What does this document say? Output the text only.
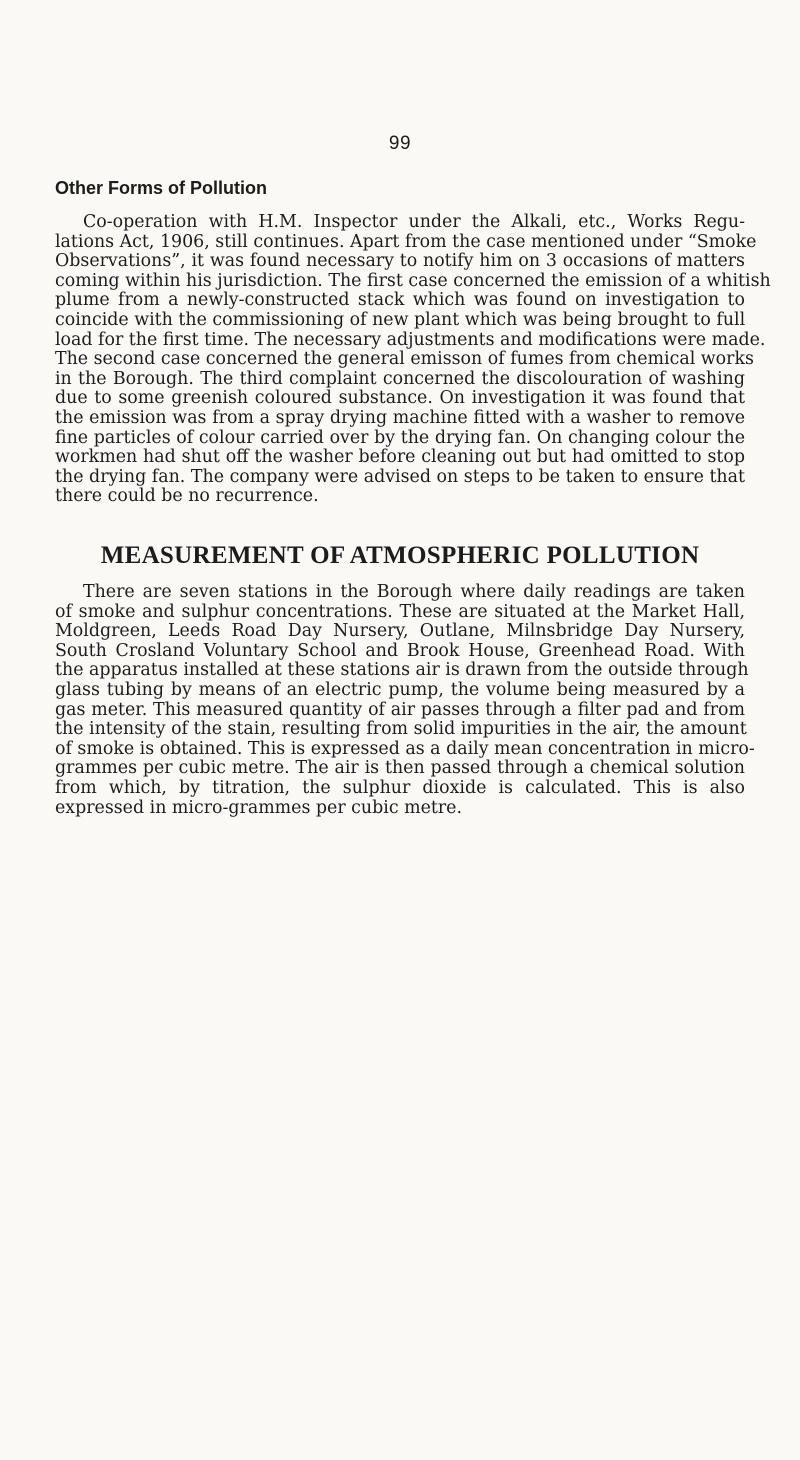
99
Other Forms of Pollution

Co-operation with H.M. Inspector under the Alkali, etc., Works Regu-
lations Act, 1906, still continues. Apart from the case mentioned under “Smoke
Observations”, it was found necessary to notify him on 3 occasions of matters
coming within his jurisdiction. The first case concerned the emission of a whitish
plume from a newly-constructed stack which was found on investigation to
coincide with the commissioning of new plant which was being brought to full
load for the first time. The necessary adjustments and modifications were made.
The second case concerned the general emisson of fumes from chemical works
in the Borough. The third complaint concerned the discolouration of washing
due to some greenish coloured substance. On investigation it was found that
the emission was from a spray drying machine fitted with a washer to remove
fine particles of colour carried over by the drying fan. On changing colour the
workmen had shut off the washer before cleaning out but had omitted to stop
the drying fan. The company were advised on steps to be taken to ensure that
there could be no recurrence.

MEASUREMENT OF ATMOSPHERIC POLLUTION

There are seven stations in the Borough where daily readings are taken
of smoke and sulphur concentrations. These are situated at the Market Hall,
Moldgreen, Leeds Road Day Nursery, Outlane, Milnsbridge Day Nursery,
South Crosland Voluntary School and Brook House, Greenhead Road. With
the apparatus installed at these stations air is drawn from the outside through
glass tubing by means of an electric pump, the volume being measured by a
gas meter. This measured quantity of air passes through a filter pad and from
the intensity of the stain, resulting from solid impurities in the air, the amount
of smoke is obtained. This is expressed as a daily mean concentration in micro-
grammes per cubic metre. The air is then passed through a chemical solution
from which, by titration, the sulphur dioxide is calculated. This is also
expressed in micro-grammes per cubic metre.
